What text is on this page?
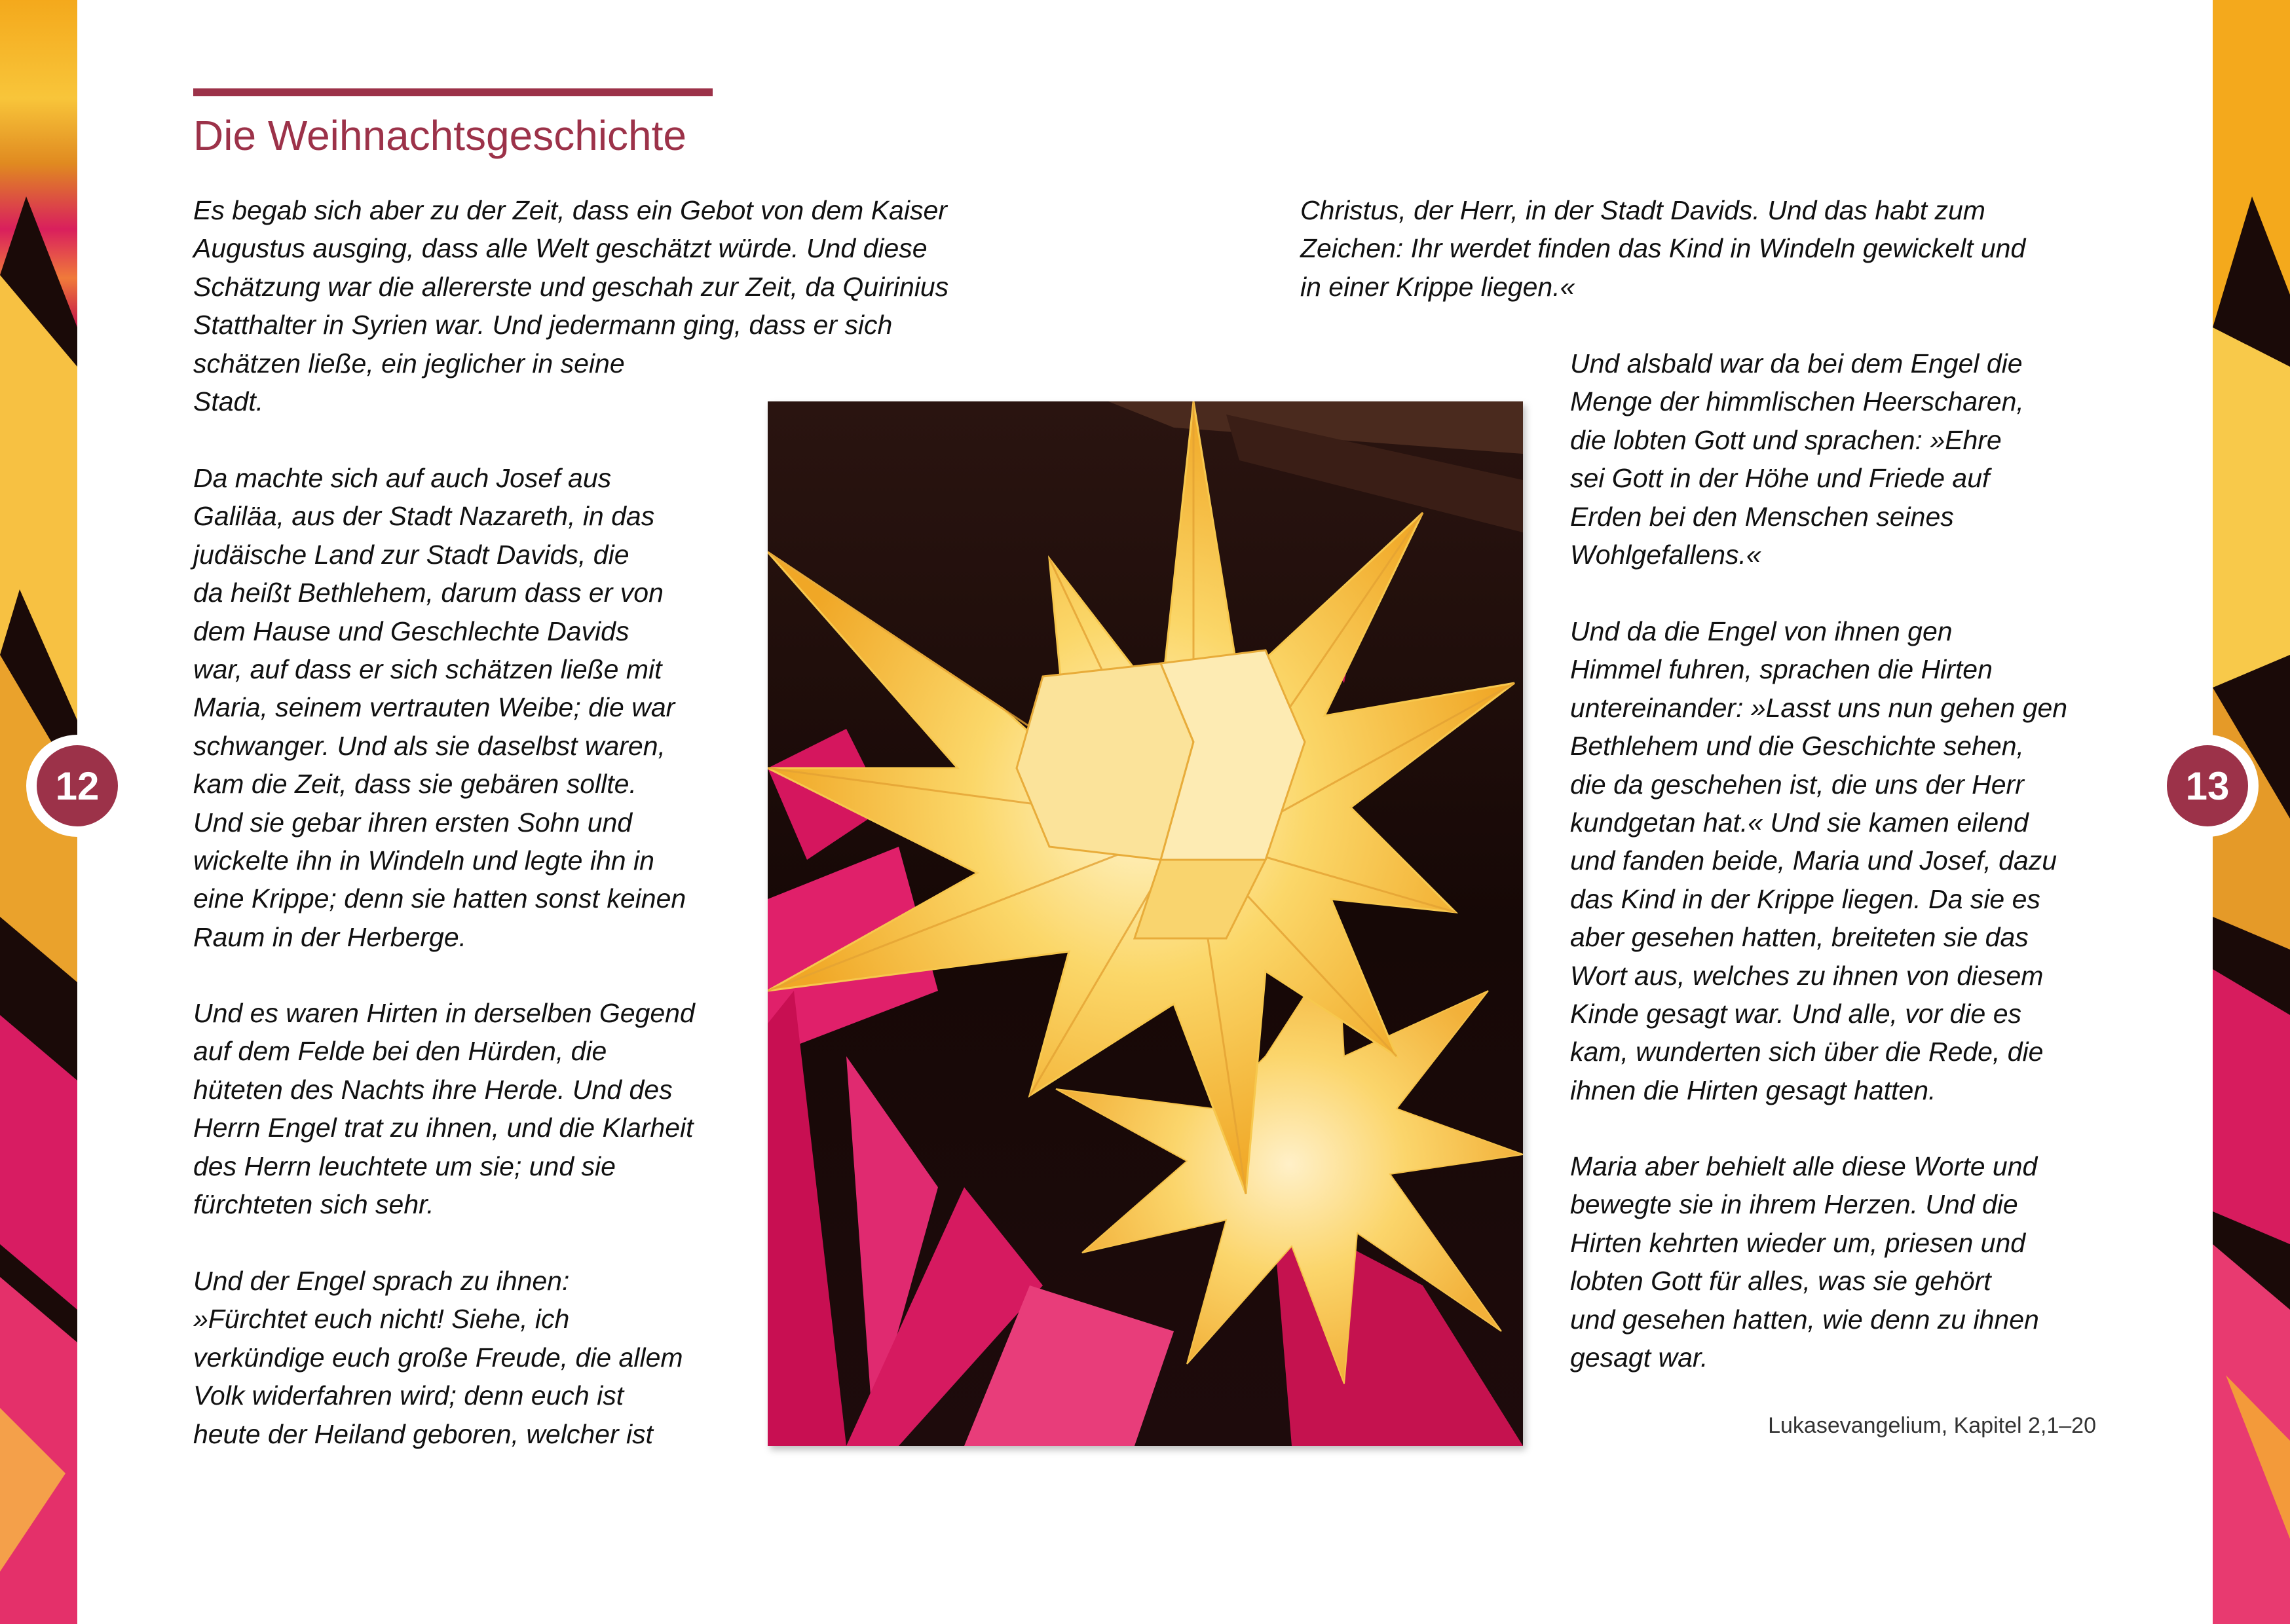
12	13
Die Weihnachtsgeschichte

Es begab sich aber zu der Zeit, dass ein Gebot von dem Kaiser
Augustus ausging, dass alle Welt geschätzt würde. Und diese
Schätzung war die allererste und geschah zur Zeit, da Quirinius
Statthalter in Syrien war. Und jedermann ging, dass er sich
schätzen ließe, ein jeglicher in seine
Stadt.

Da machte sich auf auch Josef aus
Galiläa, aus der Stadt Nazareth, in das
judäische Land zur Stadt Davids, die
da heißt Bethlehem, darum dass er von
dem Hause und Geschlechte Davids
war, auf dass er sich schätzen ließe mit
Maria, seinem vertrauten Weibe; die war
schwanger. Und als sie daselbst waren,
kam die Zeit, dass sie gebären sollte.
Und sie gebar ihren ersten Sohn und
wickelte ihn in Windeln und legte ihn in
eine Krippe; denn sie hatten sonst keinen
Raum in der Herberge.

Und es waren Hirten in derselben Gegend
auf dem Felde bei den Hürden, die
hüteten des Nachts ihre Herde. Und des
Herrn Engel trat zu ihnen, und die Klarheit
des Herrn leuchtete um sie; und sie
fürchteten sich sehr.

Und der Engel sprach zu ihnen:
»Fürchtet euch nicht! Siehe, ich
verkündige euch große Freude, die allem
Volk widerfahren wird; denn euch ist
heute der Heiland geboren, welcher ist

Christus, der Herr, in der Stadt Davids. Und das habt zum
Zeichen: Ihr werdet finden das Kind in Windeln gewickelt und
in einer Krippe liegen.«

Und alsbald war da bei dem Engel die
Menge der himmlischen Heerscharen,
die lobten Gott und sprachen: »Ehre
sei Gott in der Höhe und Friede auf
Erden bei den Menschen seines
Wohlgefallens.«

Und da die Engel von ihnen gen
Himmel fuhren, sprachen die Hirten
untereinander: »Lasst uns nun gehen gen
Bethlehem und die Geschichte sehen,
die da geschehen ist, die uns der Herr
kundgetan hat.« Und sie kamen eilend
und fanden beide, Maria und Josef, dazu
das Kind in der Krippe liegen. Da sie es
aber gesehen hatten, breiteten sie das
Wort aus, welches zu ihnen von diesem
Kinde gesagt war. Und alle, vor die es
kam, wunderten sich über die Rede, die
ihnen die Hirten gesagt hatten.

Maria aber behielt alle diese Worte und
bewegte sie in ihrem Herzen. Und die
Hirten kehrten wieder um, priesen und
lobten Gott für alles, was sie gehört
und gesehen hatten, wie denn zu ihnen
gesagt war.

Lukasevangelium, Kapitel 2,1–20
